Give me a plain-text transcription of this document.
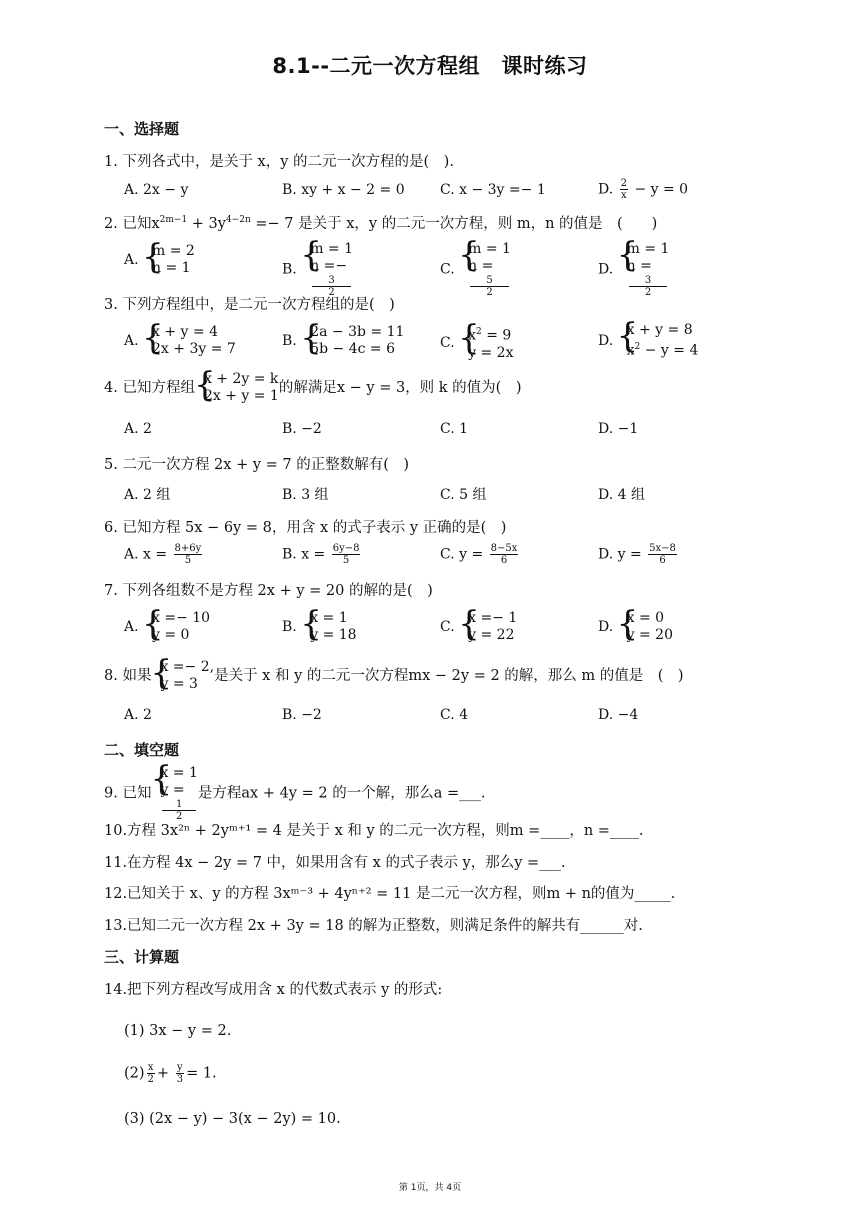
8.1--二元一次方程组　课时练习
一、选择题
1. 下列各式中，是关于 x，y 的二元一次方程的是(　).
A. 2x − y	B. xy + x − 2 = 0	C. x − 3y =− 1	D. $\frac{2}{x} - y = 0$
2. 已知$x^{2m-1} + 3y^{4-2n} =- 7$ 是关于 x，y 的二元一次方程，则 m，n 的值是　(　　)
A.
{ m = 2
n = 1	B.
{ m = 1
n =−
3
2
C.
{ m = 1
n =
5
2
D.
{ m = 1
n =
3
2
3. 下列方程组中，是二元一次方程组的是(　)
A.
{ x + y = 4
2x + 3y = 7	B.
{ 2a − 3b = 11
5b − 4c = 6	C.
{ $x^2 = 9$
y = 2x
D.
{ x + y = 8
$x^2 - y = 4$
4. 已知方程组
{ x + 2y = k
2x + y = 1 的解满足x − y = 3，则 k 的值为(　)
A. 2	B. −2	C. 1	D. −1
5. 二元一次方程 2x + y = 7 的正整数解有(　)
A. 2 组	B. 3 组	C. 5 组	D. 4 组
6. 已知方程 5x − 6y = 8，用含 x 的式子表示 y 正确的是(　)
A. $x = \frac{8+6y}{5}$	B. $x = \frac{6y-8}{5}$	C. $y = \frac{8-5x}{6}$	D. $y = \frac{5x-8}{6}$
7. 下列各组数不是方程 2x + y = 20 的解的是(　)
A.
{ x =− 10
y = 0	B.
{ x = 1
y = 18	C.
{ x =− 1
y = 22	D.
{ x = 0
y = 20
8. 如果
{ x =− 2,
y = 3	是关于 x 和 y 的二元一次方程mx − 2y = 2 的解，那么 m 的值是　(　)
A. 2	B. −2	C. 4	D. −4
二、填空题
9. 已知
{ x = 1
y =
1
2
是方程ax + 4y = 2 的一个解，那么a =___.
10.方程 3x²ⁿ + 2yᵐ⁺¹ = 4 是关于 x 和 y 的二元一次方程，则m =____，n =____.
11.在方程 4x − 2y = 7 中，如果用含有 x 的式子表示 y，那么y =___.
12.已知关于 x、y 的方程 3xᵐ⁻³ + 4yⁿ⁺² = 11 是二元一次方程，则m + n的值为_____.
13.已知二元一次方程 2x + 3y = 18 的解为正整数，则满足条件的解共有______对.
三、计算题
14.把下列方程改写成用含 x 的代数式表示 y 的形式:
(1) 3x − y = 2.
$(2) \frac{x}{2} + \frac{y}{3} = 1$.
(3) (2x − y) − 3(x − 2y) = 10.
第 1页，共 4页
